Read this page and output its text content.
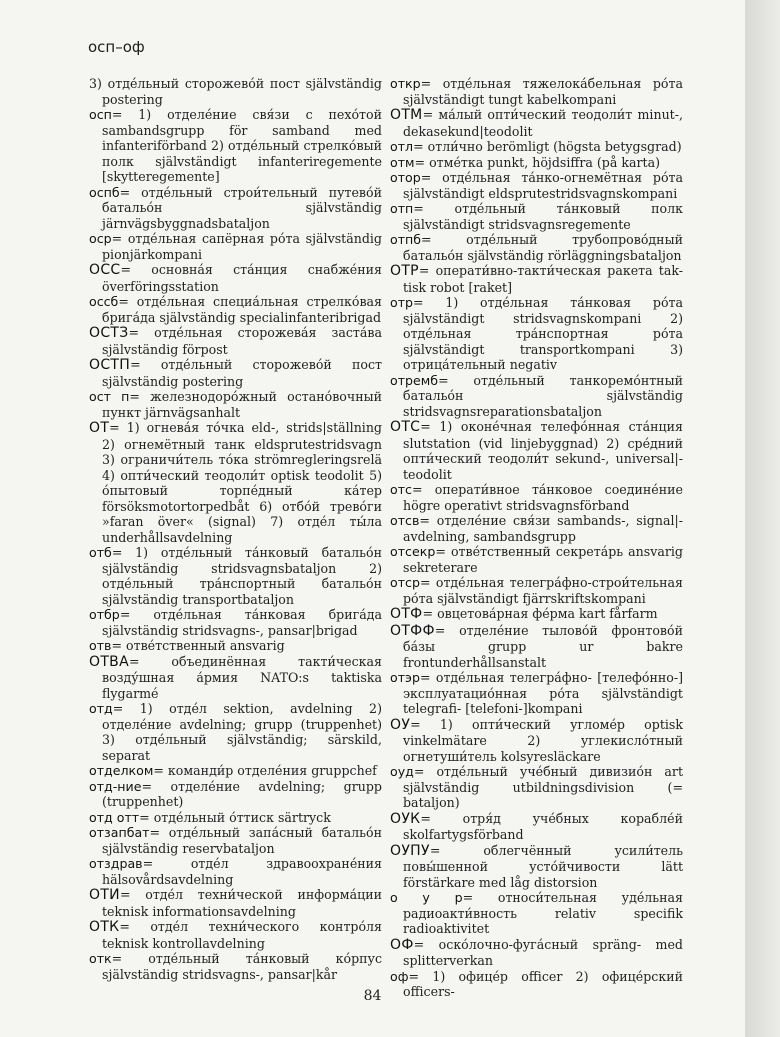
осп–оф

3) отде́льный сторожево́й пост självständig postering

осп= 1) отделе́ние свя́зи с пехо́той sambandsgrupp för samband med infanteriförband 2) отде́льный стрелко́вый полк självständigt infanteriregemente [skytteregemente]

оспб= отде́льный строи́тельный путево́й батальо́н självständig järnvägsbyggnadsbataljon

оср= отде́льная сапёрная ро́та självständig pionjärkompani

ОСС= основна́я ста́нция снабже́ния överföringsstation

оссб= отде́льная специа́льная стрелко́вая брига́да självständig specialinfanteribrigad

ОСТЗ= отде́льная сторожева́я заста́ва självständig förpost

ОСТП= отде́льный сторожево́й пост självständig postering

ост п= железнодоро́жный остано́вочный пункт järnvägsanhalt

ОТ= 1) огнева́я то́чка eld-, strids|ställning 2) огнемётный танк eldsprutestridsvagn 3) ограничи́тель то́ка strömregleringsrelä 4) опти́ческий теодоли́т optisk teodolit 5) о́пытовый торпе́дный ка́тер försöksmotortorpedbåt 6) отбо́й трево́ги »faran över« (signal) 7) отде́л ты́ла underhållsavdelning

отб= 1) отде́льный та́нковый батальо́н självständig stridsvagnsbataljon 2) отде́льный тра́нспортный батальо́н självständig transportbataljon

отбр= отде́льная та́нковая брига́да självständig stridsvagns-, pansar|brigad

отв= отве́тственный ansvarig

ОТВА= объединённая такти́ческая возду́шная а́рмия NATO:s taktiska flygarmé

отд= 1) отде́л sektion, avdelning 2) отделе́ние avdelning; grupp (truppenhet) 3) отде́льный självständig; särskild, separat

отделком= команди́р отделе́ния gruppchef

отд-ние= отделе́ние avdelning; grupp (truppenhet)

отд отт= отде́льный о́ттиск särtryck

отзапбат= отде́льный запа́сный батальо́н självständig reservbataljon

отздрав= отде́л здравоохране́ния hälsovårdsavdelning

ОТИ= отде́л техни́ческой информа́ции teknisk informationsavdelning

ОТК= отде́л техни́ческого контро́ля teknisk kontrollavdelning

отк= отде́льный та́нковый ко́рпус självständig stridsvagns-, pansar|kår

откр= отде́льная тяжелока́бельная ро́та självständigt tungt kabelkompani

ОТМ= ма́лый опти́ческий теодоли́т minut-, dekasekund|teodolit

отл= отли́чно berömligt (högsta betygsgrad)

отм= отме́тка punkt, höjdsiffra (på karta)

отор= отде́льная та́нко-огнемётная ро́та självständigt eldsprutestridsvagnskompani

отп= отде́льный та́нковый полк självständigt stridsvagnsregemente

отпб= отде́льный трубопрово́дный батальо́н självständig rörläggningsbataljon

ОТР= операти́вно-такти́ческая ракета tak-tisk robot [raket]

отр= 1) отде́льная та́нковая ро́та självständigt stridsvagnskompani 2) отде́льная тра́нспортная ро́та självständigt transportkompani 3) отрица́тельный negativ

отремб= отде́льный танкоремо́нтный батальо́н självständig stridsvagnsreparationsbataljon

ОТС= 1) оконе́чная телефо́нная ста́нция slutstation (vid linjebyggnad) 2) сре́дний опти́ческий теодоли́т sekund-, universal|-teodolit

отс= операти́вное та́нковое соедине́ние högre operativt stridsvagnsförband

отсв= отделе́ние свя́зи sambands-, signal|-avdelning, sambandsgrupp

отсекр= отве́тственный секрета́рь ansvarig sekreterare

отср= отде́льная телегра́фно-строи́тельная ро́та självständigt fjärrskriftskompani

ОТФ= овцетова́рная фе́рма kart fårfarm

ОТФФ= отделе́ние тылово́й фронтово́й ба́зы grupp ur bakre frontunderhållsanstalt

отэр= отде́льная телегра́фно- [телефо́нно-] эксплуатацио́нная ро́та självständigt telegrafi- [telefoni-]kompani

ОУ= 1) опти́ческий угломе́р optisk vinkelmätare 2) углекисло́тный огнетуши́тель kolsyresläckare

оуд= отде́льный уче́бный дивизио́н art självständig utbildningsdivision (= bataljon)

ОУК= отря́д уче́бных корабле́й skolfartygsförband

ОУПУ= облегчённый усили́тель повы́шенной усто́йчивости lätt förstärkare med låg distorsion

о у р= относи́тельная уде́льная радиоакти́вность relativ specifik radioaktivitet

ОФ= оско́лочно-фуга́сный spräng- med splitterverkan

оф= 1) офице́р officer 2) офице́рский officers-

84
